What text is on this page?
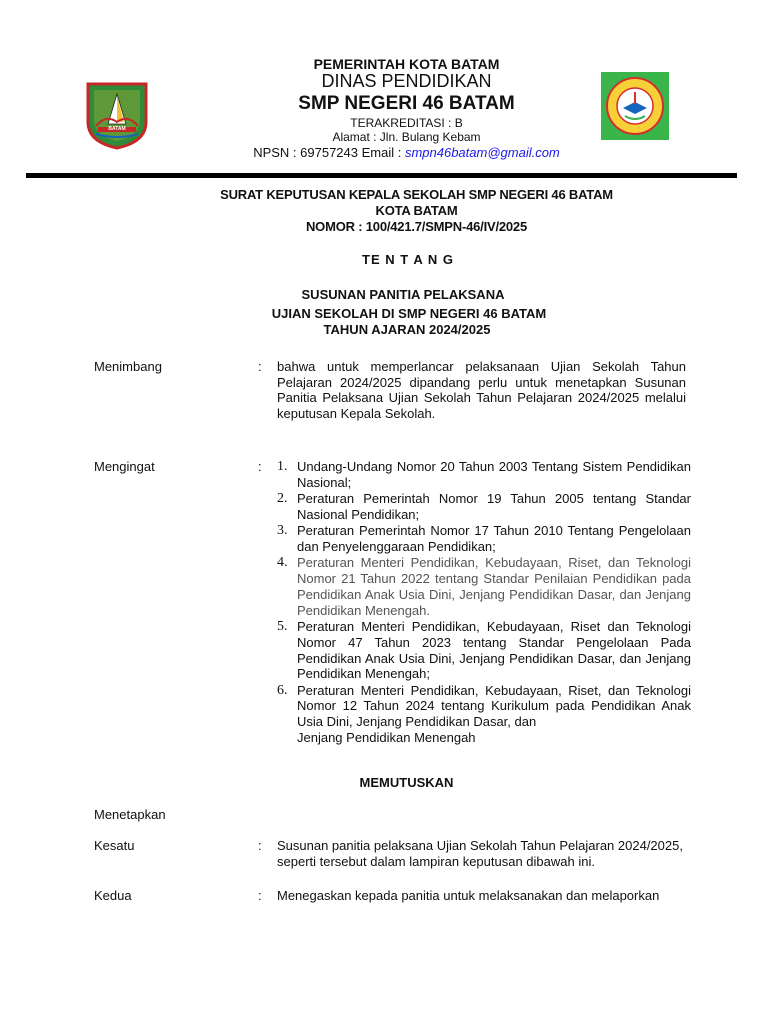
BATAM
PEMERINTAH KOTA BATAM
DINAS PENDIDIKAN
SMP NEGERI 46 BATAM
TERAKREDITASI : B
Alamat : Jln. Bulang Kebam
NPSN : 69757243 Email : smpn46batam@gmail.com
SURAT KEPUTUSAN KEPALA SEKOLAH SMP NEGERI 46 BATAM
KOTA BATAM
NOMOR : 100/421.7/SMPN-46/IV/2025
TE N T A N G
SUSUNAN PANITIA PELAKSANA
UJIAN SEKOLAH DI SMP NEGERI 46 BATAM
TAHUN AJARAN 2024/2025
Menimbang	: bahwa untuk memperlancar pelaksanaan Ujian Sekolah Tahun Pelajaran 2024/2025 dipandang perlu untuk menetapkan Susunan Panitia Pelaksana Ujian Sekolah Tahun Pelajaran 2024/2025 melalui keputusan Kepala Sekolah.
Mengingat	: 1. Undang-Undang Nomor 20 Tahun 2003 Tentang Sistem Pendidikan Nasional;
2. Peraturan Pemerintah Nomor 19 Tahun 2005 tentang Standar Nasional Pendidikan;
3. Peraturan Pemerintah Nomor 17 Tahun 2010 Tentang Pengelolaan dan Penyelenggaraan Pendidikan;
4. Peraturan Menteri Pendidikan, Kebudayaan, Riset, dan Teknologi Nomor 21 Tahun 2022 tentang Standar Penilaian Pendidikan pada Pendidikan Anak Usia Dini, Jenjang Pendidikan Dasar, dan Jenjang Pendidikan Menengah.
5. Peraturan Menteri Pendidikan, Kebudayaan, Riset dan Teknologi Nomor 47 Tahun 2023 tentang Standar Pengelolaan Pada Pendidikan Anak Usia Dini, Jenjang Pendidikan Dasar, dan Jenjang Pendidikan Menengah;
6. Peraturan Menteri Pendidikan, Kebudayaan, Riset, dan Teknologi Nomor 12 Tahun 2024 tentang Kurikulum pada Pendidikan Anak Usia Dini, Jenjang Pendidikan Dasar, dan
Jenjang Pendidikan Menengah
MEMUTUSKAN
Menetapkan
Kesatu	: Susunan panitia pelaksana Ujian Sekolah Tahun Pelajaran 2024/2025,
seperti tersebut dalam lampiran keputusan dibawah ini.
Kedua	: Menegaskan kepada panitia untuk melaksanakan dan melaporkan
